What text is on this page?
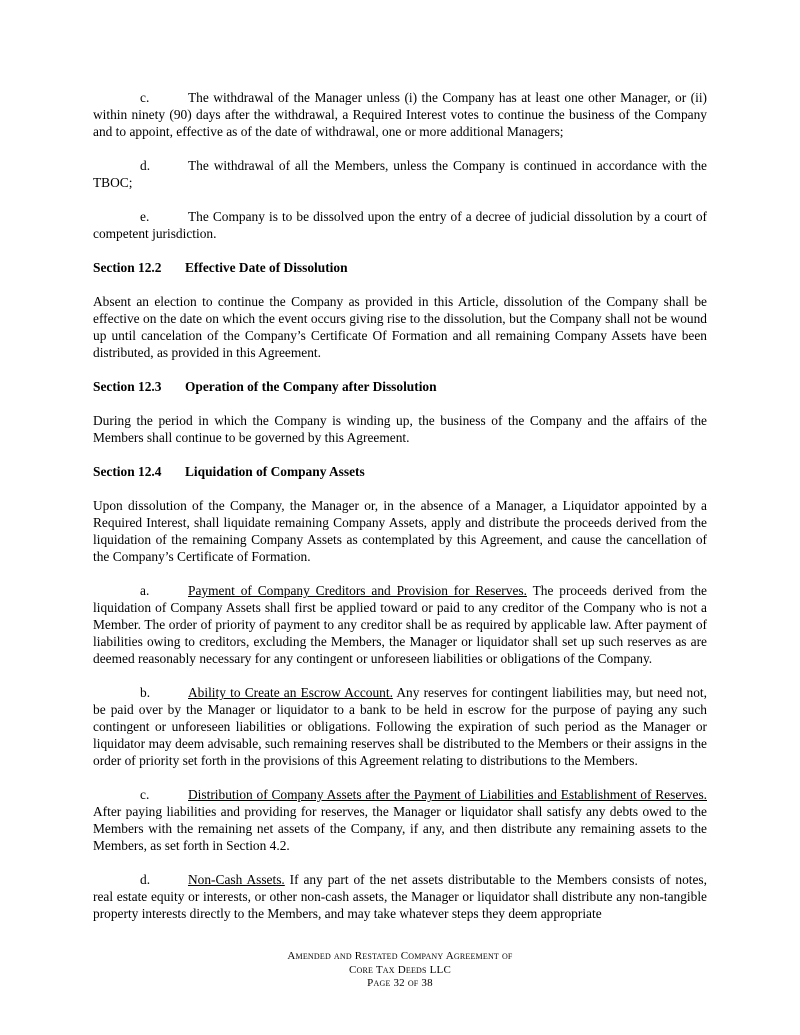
c.	The withdrawal of the Manager unless (i) the Company has at least one other Manager, or (ii) within ninety (90) days after the withdrawal, a Required Interest votes to continue the business of the Company and to appoint, effective as of the date of withdrawal, one or more additional Managers;

d.	The withdrawal of all the Members, unless the Company is continued in accordance with the TBOC;

e.	The Company is to be dissolved upon the entry of a decree of judicial dissolution by a court of competent jurisdiction.

Section 12.2 Effective Date of Dissolution

Absent an election to continue the Company as provided in this Article, dissolution of the Company shall be effective on the date on which the event occurs giving rise to the dissolution, but the Company shall not be wound up until cancelation of the Company’s Certificate Of Formation and all remaining Company Assets have been distributed, as provided in this Agreement.

Section 12.3 Operation of the Company after Dissolution

During the period in which the Company is winding up, the business of the Company and the affairs of the Members shall continue to be governed by this Agreement.

Section 12.4 Liquidation of Company Assets

Upon dissolution of the Company, the Manager or, in the absence of a Manager, a Liquidator appointed by a Required Interest, shall liquidate remaining Company Assets, apply and distribute the proceeds derived from the liquidation of the remaining Company Assets as contemplated by this Agreement, and cause the cancellation of the Company’s Certificate of Formation.

a.	Payment of Company Creditors and Provision for Reserves. The proceeds derived from the liquidation of Company Assets shall first be applied toward or paid to any creditor of the Company who is not a Member. The order of priority of payment to any creditor shall be as required by applicable law. After payment of liabilities owing to creditors, excluding the Members, the Manager or liquidator shall set up such reserves as are deemed reasonably necessary for any contingent or unforeseen liabilities or obligations of the Company.

b.	Ability to Create an Escrow Account. Any reserves for contingent liabilities may, but need not, be paid over by the Manager or liquidator to a bank to be held in escrow for the purpose of paying any such contingent or unforeseen liabilities or obligations. Following the expiration of such period as the Manager or liquidator may deem advisable, such remaining reserves shall be distributed to the Members or their assigns in the order of priority set forth in the provisions of this Agreement relating to distributions to the Members.

c.	Distribution of Company Assets after the Payment of Liabilities and Establishment of Reserves. After paying liabilities and providing for reserves, the Manager or liquidator shall satisfy any debts owed to the Members with the remaining net assets of the Company, if any, and then distribute any remaining assets to the Members, as set forth in Section 4.2.

d.	Non-Cash Assets. If any part of the net assets distributable to the Members consists of notes, real estate equity or interests, or other non-cash assets, the Manager or liquidator shall distribute any non-tangible property interests directly to the Members, and may take whatever steps they deem appropriate

Amended and Restated Company Agreement of
Core Tax Deeds LLC
Page 32 of 38
